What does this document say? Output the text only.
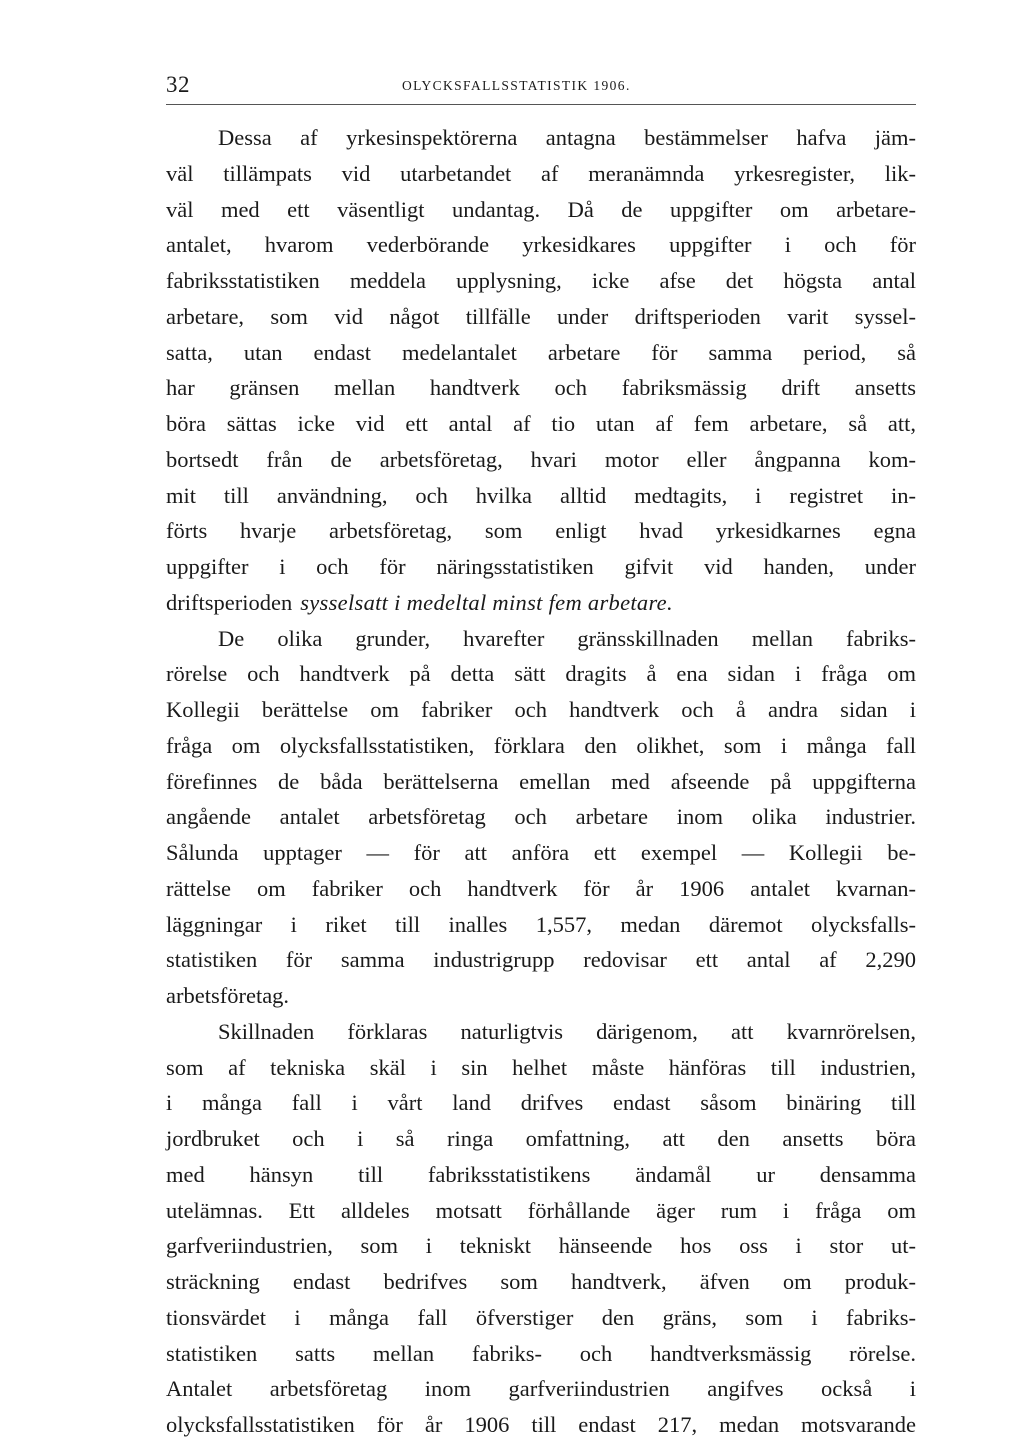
32	OLYCKSFALLSSTATISTIK 1906.
Dessa af yrkesinspektörerna antagna bestämmelser hafva jäm-
väl tillämpats vid utarbetandet af meranämnda yrkesregister, lik-
väl med ett väsentligt undantag. Då de uppgifter om arbetare-
antalet, hvarom vederbörande yrkesidkares uppgifter i och för
fabriksstatistiken meddela upplysning, icke afse det högsta antal
arbetare, som vid något tillfälle under driftsperioden varit syssel-
satta, utan endast medelantalet arbetare för samma period, så
har gränsen mellan handtverk och fabriksmässig drift ansetts
böra sättas icke vid ett antal af tio utan af fem arbetare, så att,
bortsedt från de arbetsföretag, hvari motor eller ångpanna kom-
mit till användning, och hvilka alltid medtagits, i registret in-
förts hvarje arbetsföretag, som enligt hvad yrkesidkarnes egna
uppgifter i och för näringsstatistiken gifvit vid handen, under
driftsperioden sysselsatt i medeltal minst fem arbetare.
De olika grunder, hvarefter gränsskillnaden mellan fabriks-
rörelse och handtverk på detta sätt dragits å ena sidan i fråga om
Kollegii berättelse om fabriker och handtverk och å andra sidan i
fråga om olycksfallsstatistiken, förklara den olikhet, som i många fall
förefinnes de båda berättelserna emellan med afseende på uppgifterna
angående antalet arbetsföretag och arbetare inom olika industrier.
Sålunda upptager — för att anföra ett exempel — Kollegii be-
rättelse om fabriker och handtverk för år 1906 antalet kvarnan-
läggningar i riket till inalles 1,557, medan däremot olycksfalls-
statistiken för samma industrigrupp redovisar ett antal af 2,290
arbetsföretag.
Skillnaden förklaras naturligtvis därigenom, att kvarnrörelsen,
som af tekniska skäl i sin helhet måste hänföras till industrien,
i många fall i vårt land drifves endast såsom binäring till
jordbruket och i så ringa omfattning, att den ansetts böra
med hänsyn till fabriksstatistikens ändamål ur densamma
utelämnas. Ett alldeles motsatt förhållande äger rum i fråga om
garfveriindustrien, som i tekniskt hänseende hos oss i stor ut-
sträckning endast bedrifves som handtverk, äfven om produk-
tionsvärdet i många fall öfverstiger den gräns, som i fabriks-
statistiken satts mellan fabriks- och handtverksmässig rörelse.
Antalet arbetsföretag inom garfveriindustrien angifves också i
olycksfallsstatistiken för år 1906 till endast 217, medan motsvarande
